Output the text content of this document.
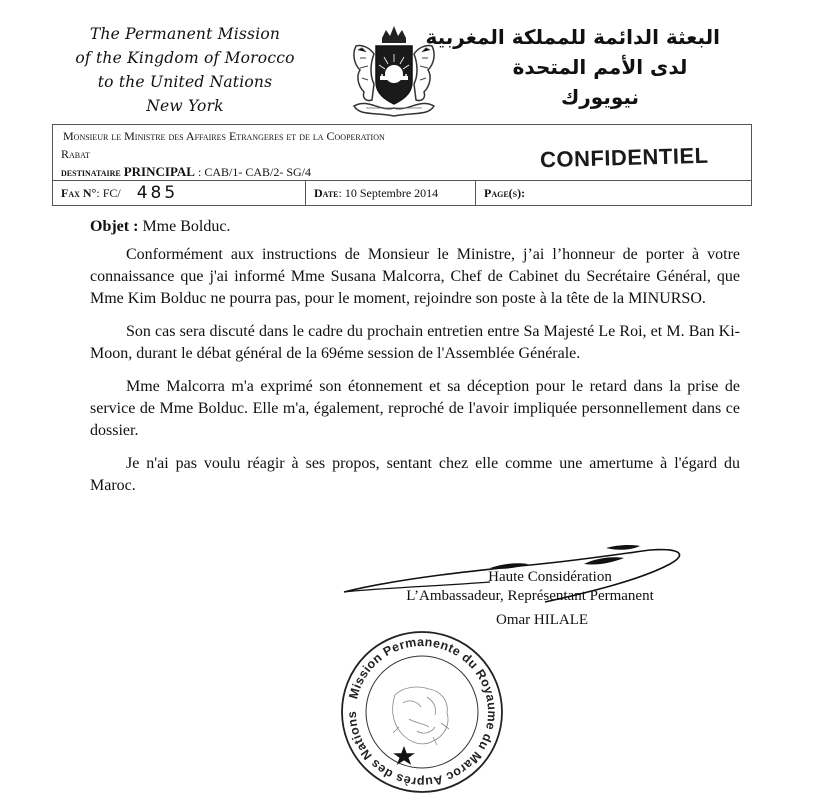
The Permanent Mission
of the Kingdom of Morocco
to the United Nations
New York
البعثة الدائمة للمملكة المغربية
لدى الأمم المتحدة
نيويورك
Monsieur le Ministre des Affaires Etrangeres et de la Cooperation
Rabat
destinataire PRINCIPAL : CAB/1- CAB/2- SG/4	CONFIDENTIEL
Fax N°: FC/ 485	Date: 10 Septembre 2014	Page(s):

Objet : Mme Bolduc.

Conformément aux instructions de Monsieur le Ministre, j’ai l’honneur de porter à votre connaissance que j'ai informé Mme Susana Malcorra, Chef de Cabinet du Secrétaire Général, que Mme Kim Bolduc ne pourra pas, pour le moment, rejoindre son poste à la tête de la MINURSO.

Son cas sera discuté dans le cadre du prochain entretien entre Sa Majesté Le Roi, et M. Ban Ki-Moon, durant le débat général de la 69éme session de l'Assemblée Générale.

Mme Malcorra m'a exprimé son étonnement et sa déception pour le retard dans la prise de service de Mme Bolduc. Elle m'a, également, reproché de l'avoir impliquée personnellement dans ce dossier.

Je n'ai pas voulu réagir à ses propos, sentant chez elle comme une amertume à l'égard du Maroc.

Haute Considération
L’Ambassadeur, Représentant Permanent
Omar HILALE
Mission Permanente du Royaume du Maroc Auprès des Nations
